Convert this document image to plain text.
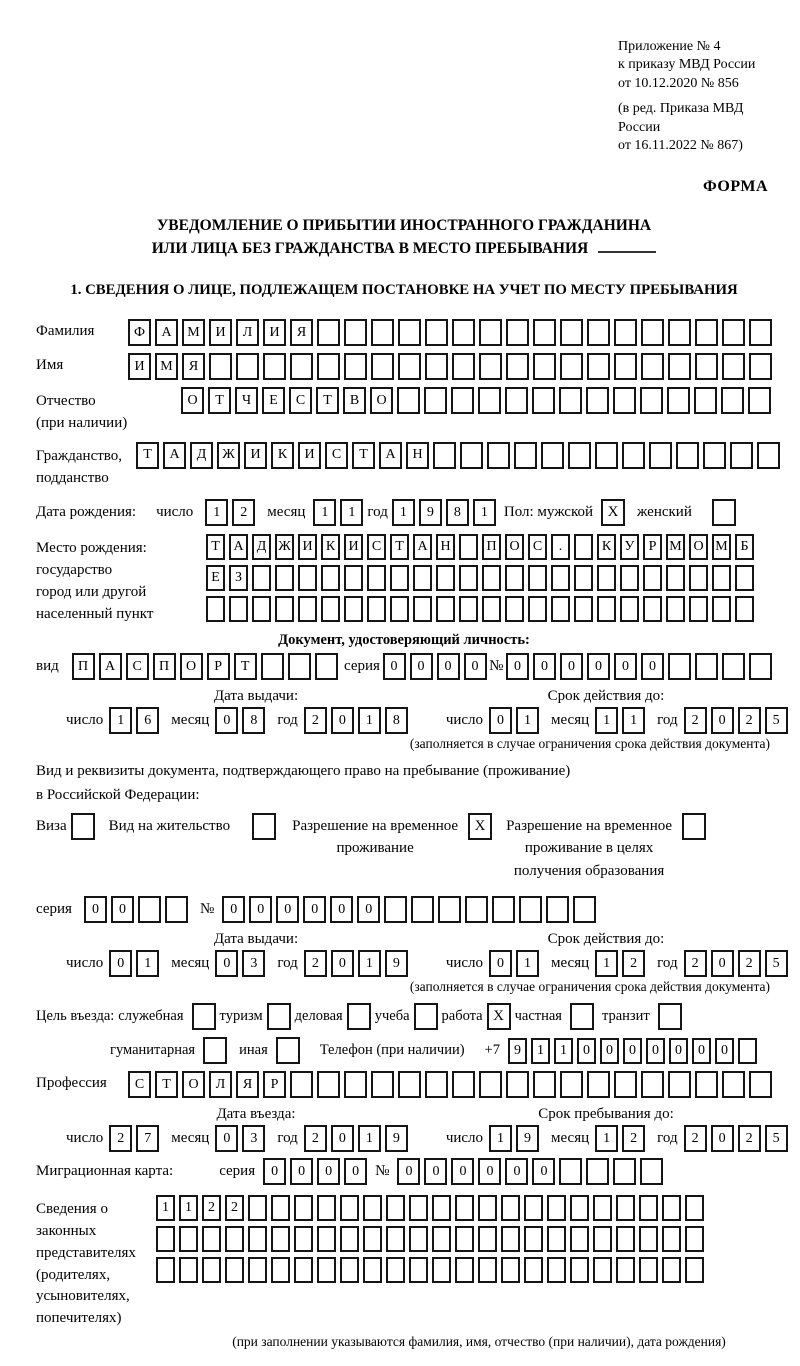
Приложение № 4
к приказу МВД России
от 10.12.2020 № 856
(в ред. Приказа МВД России
от 16.11.2022 № 867)
ФОРМА
УВЕДОМЛЕНИЕ О ПРИБЫТИИ ИНОСТРАННОГО ГРАЖДАНИНА
ИЛИ ЛИЦА БЕЗ ГРАЖДАНСТВА В МЕСТО ПРЕБЫВАНИЯ
1. СВЕДЕНИЯ О ЛИЦЕ, ПОДЛЕЖАЩЕМ ПОСТАНОВКЕ НА УЧЕТ ПО МЕСТУ ПРЕБЫВАНИЯ
Фамилия	Ф	А	М	И	Л	И	Я
Имя	И	М	Я
Отчество
(при наличии)
О	Т	Ч	Е	С	Т	В	О
Гражданство,
подданство
Т	А	Д	Ж	И	К	И	С	Т	А	Н
Дата рождения: число	1	2	месяц	1	1 год 1	9	8	1	Пол: мужской X	женский
Место рождения:
государство
город или другой
населенный пункт
Т А Д Ж И К И С	Т А Н	П О С	.	К У	Р М О М Б
Е	З
Документ, удостоверяющий личность:
вид	П	А	С	П	О	Р	Т	серия 0	0	0	0 № 0	0	0	0	0	0
Дата выдачи:	Срок действия до:
число	1	6	месяц	0	8	год	2	0	1	8	число	0	1	месяц	1	1	год	2	0	2	5
(заполняется в случае ограничения срока действия документа)
Вид и реквизиты документа, подтверждающего право на пребывание (проживание)
в Российской Федерации:
Виза	Вид на жительство	Разрешение на временное
проживание
X	Разрешение на временное
проживание в целях
получения образования
серия	0	0	№	0	0	0	0	0	0
Дата выдачи:	Срок действия до:
число	0	1	месяц	0	3	год	2	0	1	9	число	0	1	месяц	1	2	год	2	0	2	5
(заполняется в случае ограничения срока действия документа)
Цель въезда: служебная туризм деловая учеба работа X частная	транзит
гуманитарная	иная	Телефон (при наличии) +7	9	1	1	0	0	0	0	0	0	0
Профессия	С	Т	О	Л	Я	Р
Дата въезда:	Срок пребывания до:
число	2	7	месяц	0	3	год	2	0	1	9	число	1	9	месяц	1	2	год	2	0	2	5
Миграционная карта:	серия	0	0	0	0	№	0	0	0	0	0	0
Сведения о
законных
представителях
(родителях,
усыновителях,
попечителях)
1	1	2	2
(при заполнении указываются фамилия, имя, отчество (при наличии), дата рождения)
